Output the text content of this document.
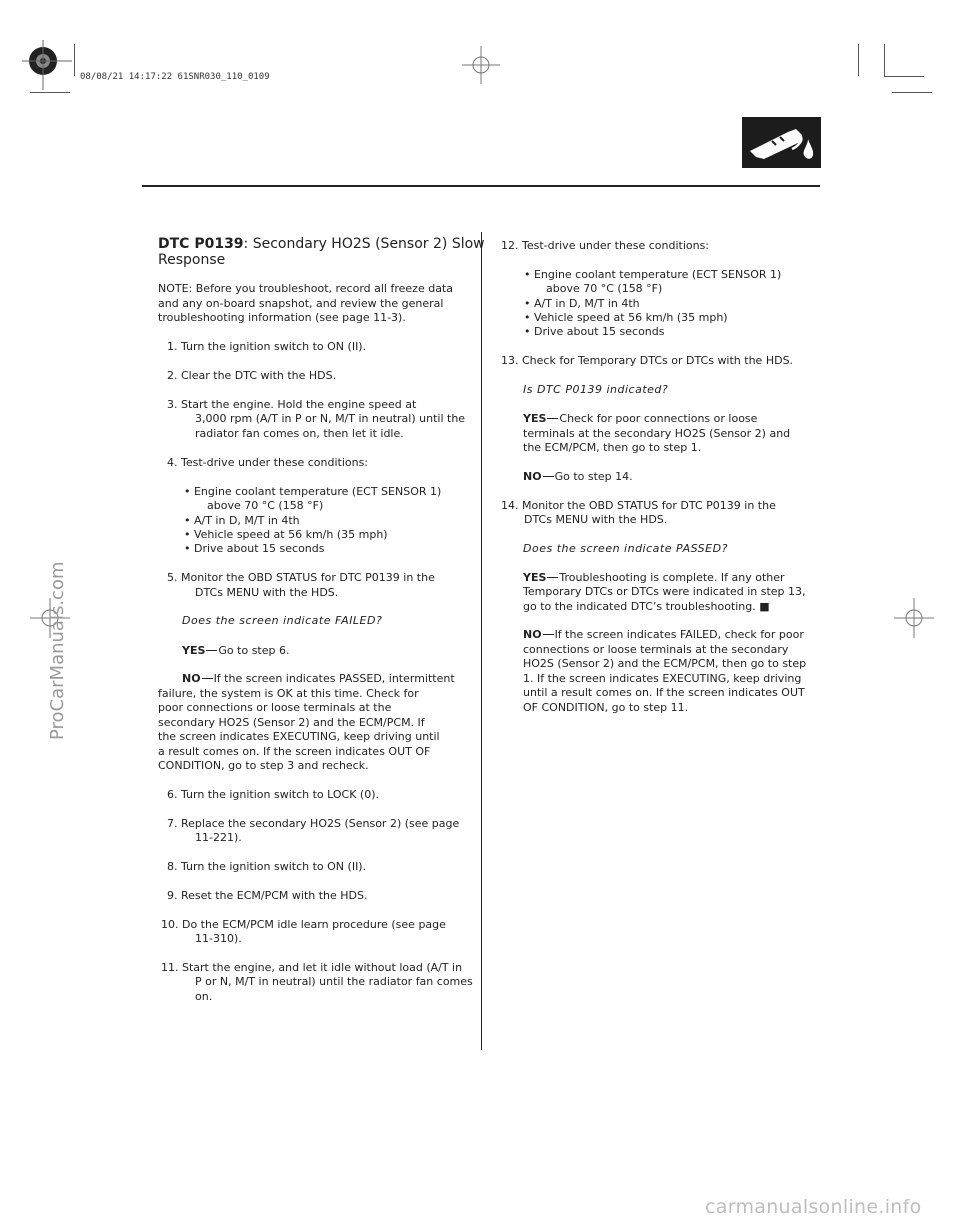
08/08/21 14:17:22 61SNR030_110_0109
DTC P0139: Secondary HO2S (Sensor 2) Slow
Response
NOTE: Before you troubleshoot, record all freeze data
and any on-board snapshot, and review the general
troubleshooting information (see page 11-3).
1. Turn the ignition switch to ON (II).
2. Clear the DTC with the HDS.
3. Start the engine. Hold the engine speed at
3,000 rpm (A/T in P or N, M/T in neutral) until the
radiator fan comes on, then let it idle.
4. Test-drive under these conditions:
• Engine coolant temperature (ECT SENSOR 1)
above 70 °C (158 °F)
• A/T in D, M/T in 4th
• Vehicle speed at 56 km/h (35 mph)
• Drive about 15 seconds
5. Monitor the OBD STATUS for DTC P0139 in the
DTCs MENU with the HDS.
Does the screen indicate FAILED?
YES Go to step 6.
NO If the screen indicates PASSED, intermittent
failure, the system is OK at this time. Check for
poor connections or loose terminals at the
secondary HO2S (Sensor 2) and the ECM/PCM. If
the screen indicates EXECUTING, keep driving until
a result comes on. If the screen indicates OUT OF
CONDITION, go to step 3 and recheck.
6. Turn the ignition switch to LOCK (0).
7. Replace the secondary HO2S (Sensor 2) (see page
11-221).
8. Turn the ignition switch to ON (II).
9. Reset the ECM/PCM with the HDS.
10. Do the ECM/PCM idle learn procedure (see page
11-310).
11. Start the engine, and let it idle without load (A/T in
P or N, M/T in neutral) until the radiator fan comes
on.
12. Test-drive under these conditions:
• Engine coolant temperature (ECT SENSOR 1)
above 70 °C (158 °F)
• A/T in D, M/T in 4th
• Vehicle speed at 56 km/h (35 mph)
• Drive about 15 seconds
13. Check for Temporary DTCs or DTCs with the HDS.
Is DTC P0139 indicated?
YES Check for poor connections or loose
terminals at the secondary HO2S (Sensor 2) and
the ECM/PCM, then go to step 1.
NO Go to step 14.
14. Monitor the OBD STATUS for DTC P0139 in the
DTCs MENU with the HDS.
Does the screen indicate PASSED?
YES Troubleshooting is complete. If any other
Temporary DTCs or DTCs were indicated in step 13,
go to the indicated DTC’s troubleshooting. ■
NO If the screen indicates FAILED, check for poor
connections or loose terminals at the secondary
HO2S (Sensor 2) and the ECM/PCM, then go to step
1. If the screen indicates EXECUTING, keep driving
until a result comes on. If the screen indicates OUT
OF CONDITION, go to step 11.
ProCarManuals.com
carmanualsonline.info
